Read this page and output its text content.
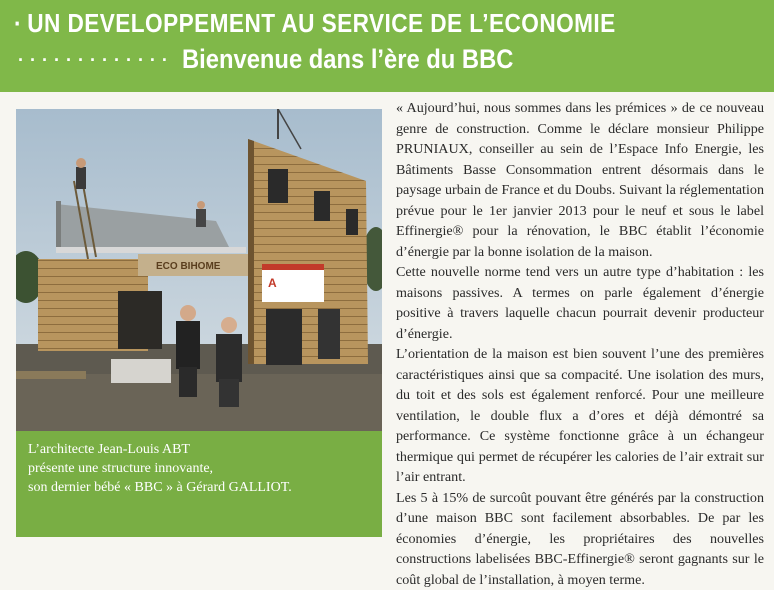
· UN DEVELOPPEMENT AU SERVICE DE L’ECONOMIE
············· Bienvenue dans l’ère du BBC
ECO BIHOME
A
L’architecte Jean-Louis ABT
présente une structure innovante,
son dernier bébé « BBC » à Gérard GALLIOT.

« Aujourd’hui, nous sommes dans les prémices » de ce nouveau genre de construction. Comme le déclare monsieur Philippe PRUNIAUX, conseiller au sein de l’Espace Info Energie, les Bâtiments Basse Consommation entrent désormais dans le paysage urbain de France et du Doubs. Suivant la réglementation prévue pour le 1er janvier 2013 pour le neuf et sous le label Effinergie® pour la rénovation, le BBC établit l’économie d’énergie par la bonne isolation de la maison.

Cette nouvelle norme tend vers un autre type d’habitation : les maisons passives. A termes on parle également d’énergie positive à travers laquelle chacun pourrait devenir producteur d’énergie.

L’orientation de la maison est bien souvent l’une des premières caractéristiques ainsi que sa compacité. Une isolation des murs, du toit et des sols est également renforcé. Pour une meilleure ventilation, le double flux a d’ores et déjà démontré sa performance. Ce système fonctionne grâce à un échangeur thermique qui permet de récupérer les calories de l’air extrait sur l’air entrant.

Les 5 à 15% de surcoût pouvant être générés par la construction d’une maison BBC sont facilement absorbables. De par les économies d’énergie, les propriétaires des nouvelles constructions labelisées BBC-Effinergie® seront gagnants sur le coût global de l’installation, à moyen terme.
